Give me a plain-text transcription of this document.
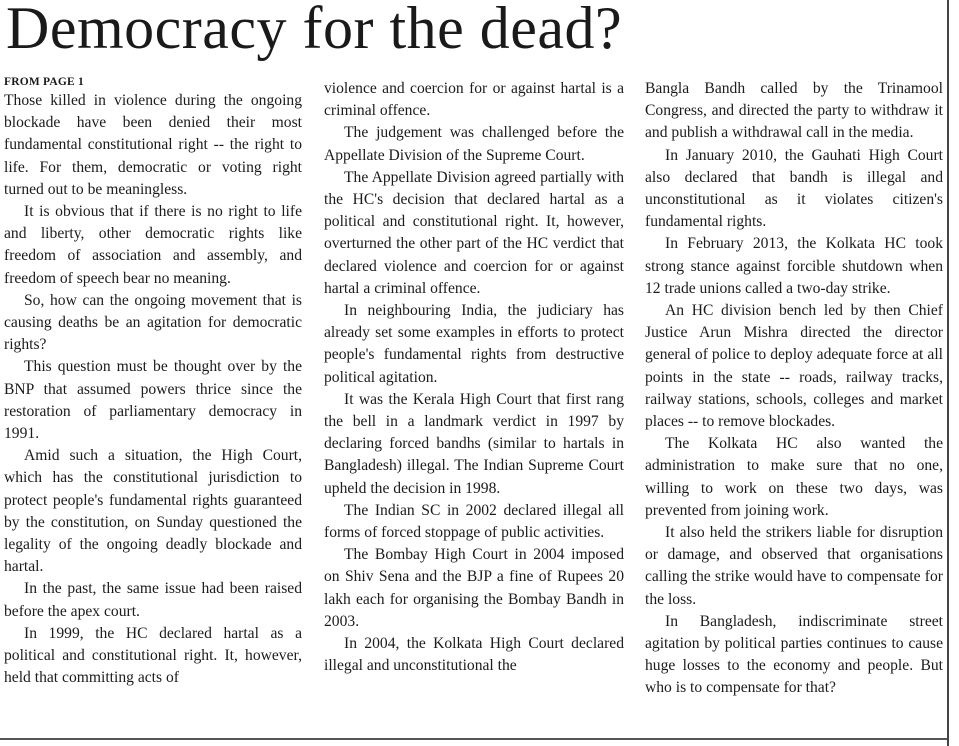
Democracy for the dead?
FROM PAGE 1

Those killed in violence during the ongoing blockade have been denied their most fundamental constitutional right -- the right to life. For them, democratic or voting right turned out to be meaningless.

It is obvious that if there is no right to life and liberty, other democratic rights like freedom of association and assembly, and freedom of speech bear no meaning.

So, how can the ongoing movement that is causing deaths be an agitation for democratic rights?

This question must be thought over by the BNP that assumed powers thrice since the restoration of parliamentary democracy in 1991.

Amid such a situation, the High Court, which has the constitutional jurisdiction to protect people's fundamental rights guaranteed by the constitution, on Sunday questioned the legality of the ongoing deadly blockade and hartal.

In the past, the same issue had been raised before the apex court.

In 1999, the HC declared hartal as a political and constitutional right. It, however, held that committing acts of

violence and coercion for or against hartal is a criminal offence.

The judgement was challenged before the Appellate Division of the Supreme Court.

The Appellate Division agreed partially with the HC's decision that declared hartal as a political and constitutional right. It, however, overturned the other part of the HC verdict that declared violence and coercion for or against hartal a criminal offence.

In neighbouring India, the judiciary has already set some examples in efforts to protect people's fundamental rights from destructive political agitation.

It was the Kerala High Court that first rang the bell in a landmark verdict in 1997 by declaring forced bandhs (similar to hartals in Bangladesh) illegal. The Indian Supreme Court upheld the decision in 1998.

The Indian SC in 2002 declared illegal all forms of forced stoppage of public activities.

The Bombay High Court in 2004 imposed on Shiv Sena and the BJP a fine of Rupees 20 lakh each for organising the Bombay Bandh in 2003.

In 2004, the Kolkata High Court declared illegal and unconstitutional the

Bangla Bandh called by the Trinamool Congress, and directed the party to withdraw it and publish a withdrawal call in the media.

In January 2010, the Gauhati High Court also declared that bandh is illegal and unconstitutional as it violates citizen's fundamental rights.

In February 2013, the Kolkata HC took strong stance against forcible shutdown when 12 trade unions called a two-day strike.

An HC division bench led by then Chief Justice Arun Mishra directed the director general of police to deploy adequate force at all points in the state -- roads, railway tracks, railway stations, schools, colleges and market places -- to remove blockades.

The Kolkata HC also wanted the administration to make sure that no one, willing to work on these two days, was prevented from joining work.

It also held the strikers liable for disruption or damage, and observed that organisations calling the strike would have to compensate for the loss.

In Bangladesh, indiscriminate street agitation by political parties continues to cause huge losses to the economy and people. But who is to compensate for that?
